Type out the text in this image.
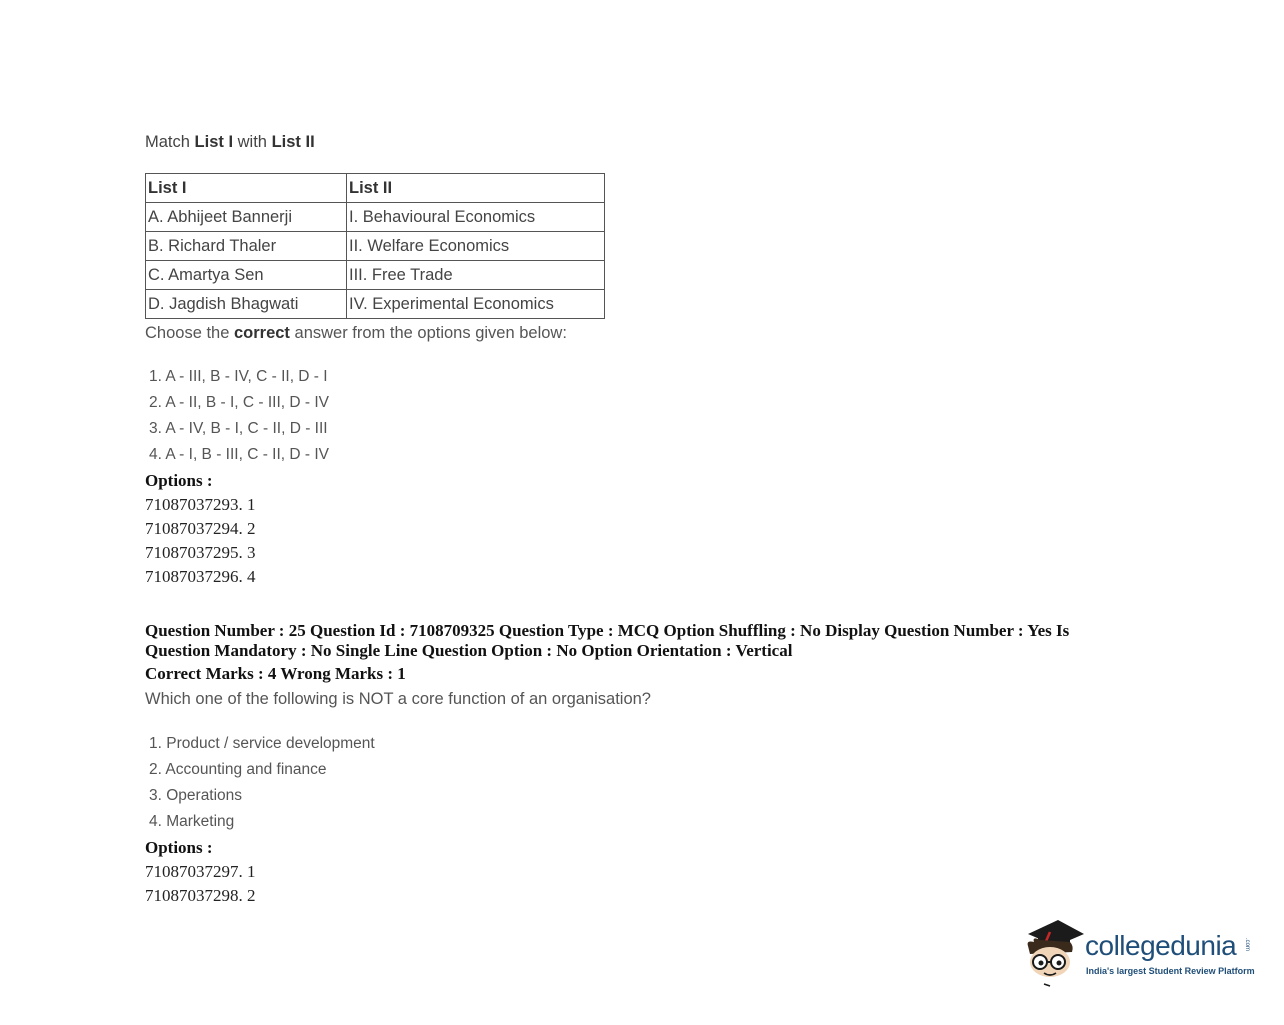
Match List I with List II
List I	List II
A. Abhijeet Bannerji	I. Behavioural Economics
B. Richard Thaler	II. Welfare Economics
C. Amartya Sen	III. Free Trade
D. Jagdish Bhagwati	IV. Experimental Economics
Choose the correct answer from the options given below:
1. A - III, B - IV, C - II, D - I
2. A - II, B - I, C - III, D - IV
3. A - IV, B - I, C - II, D - III
4. A - I, B - III, C - II, D - IV
Options :
71087037293. 1
71087037294. 2
71087037295. 3
71087037296. 4
Question Number : 25 Question Id : 7108709325 Question Type : MCQ Option Shuffling : No Display Question Number : Yes Is Question Mandatory : No Single Line Question Option : No Option Orientation : Vertical
Correct Marks : 4 Wrong Marks : 1
Which one of the following is NOT a core function of an organisation?
1. Product / service development
2. Accounting and finance
3. Operations
4. Marketing
Options :
71087037297. 1
71087037298. 2
collegedunia .com
India's largest Student Review Platform
